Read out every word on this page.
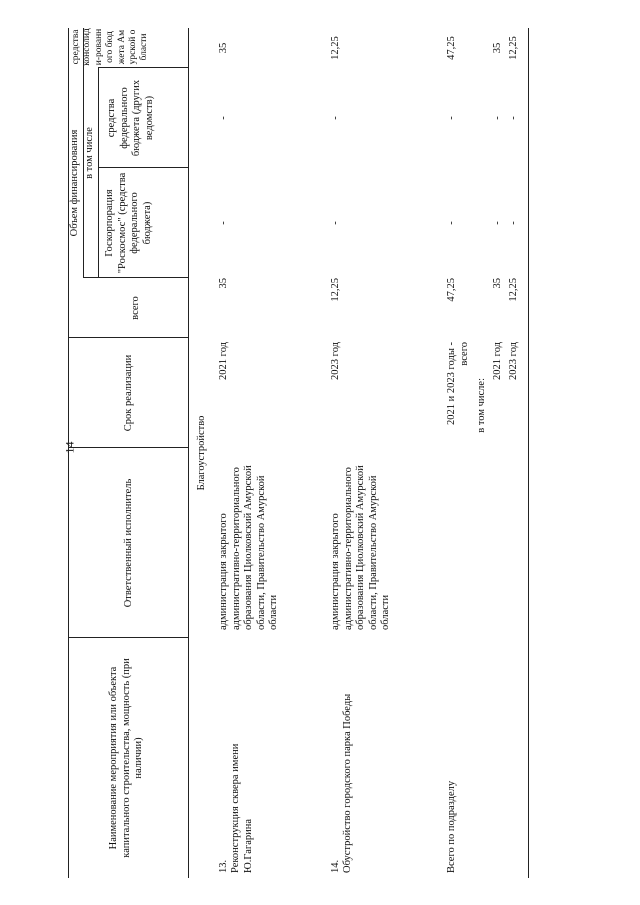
14
Наименование мероприятия или объекта капитального строительства, мощность (при наличии)
Ответственный исполнитель
Срок реализации
Объем финансирования
всего
в том числе
Госкорпорация "Роскосмос" (средства федерального бюджета)
средства федерального бюджета (других ведомств)
средства консолиди-рованного бюджета Амурской области
Благоустройство
13. Реконструкция сквера имени Ю.Гагарина
администрация закрытого административно-территориального образования Циолковский Амурской области, Правительство Амурской области
2021 год
35
-
-
35
14. Обустройство городского парка Победы
администрация закрытого административно-территориального образования Циолковский Амурской области, Правительство Амурской области
2023 год
12,25
-
-
12,25
Всего по подразделу
2021 и 2023 годы - всего
47,25
-
-
47,25
в том числе:
2021 год
35
-
-
35
2023 год
12,25
-
-
12,25
